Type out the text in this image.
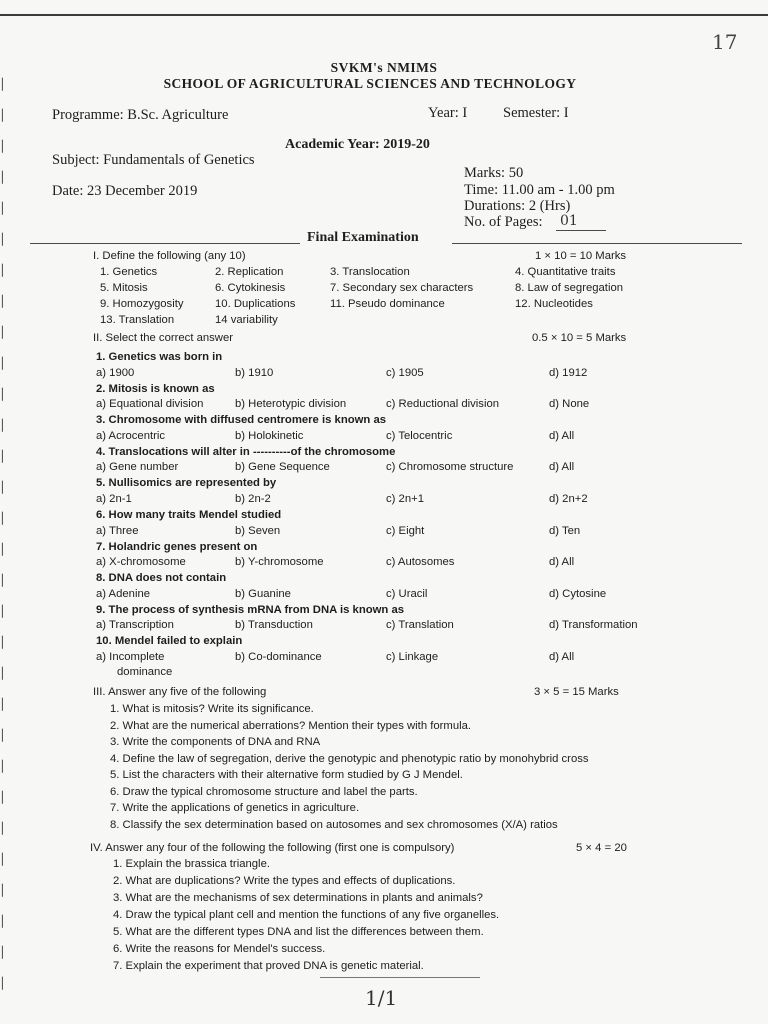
▏
▏
▏
▏
▏
▏
▏
▏
▏
▏
▏
▏
▏
▏
▏
▏
▏
▏
▏
▏
▏
▏
▏
▏
▏
▏
▏
▏
▏
▏
17
SVKM's NMIMS
SCHOOL OF AGRICULTURAL SCIENCES AND TECHNOLOGY
Programme: B.Sc. Agriculture	Year: I Semester: I
Academic Year: 2019-20
Subject: Fundamentals of Genetics
Marks: 50
Date: 23 December 2019	Time: 11.00 am - 1.00 pm
Durations: 2 (Hrs)
No. of Pages: 01
Final Examination
I. Define the following (any 10)	1 × 10 = 10 Marks
1. Genetics	2. Replication	3. Translocation	4. Quantitative traits
5. Mitosis	6. Cytokinesis	7. Secondary sex characters	8. Law of segregation
9. Homozygosity	10. Duplications	11. Pseudo dominance	12. Nucleotides
13. Translation	14 variability
II. Select the correct answer	0.5 × 10 = 5 Marks
1. Genetics was born in
a) 1900	b) 1910	c) 1905	d) 1912
2. Mitosis is known as
a) Equational division	b) Heterotypic division	c) Reductional division	d) None
3. Chromosome with diffused centromere is known as
a) Acrocentric	b) Holokinetic	c) Telocentric	d) All
4. Translocations will alter in ----------of the chromosome
a) Gene number	b) Gene Sequence	c) Chromosome structure	d) All
5. Nullisomics are represented by
a) 2n-1	b) 2n-2	c) 2n+1	d) 2n+2
6. How many traits Mendel studied
a) Three	b) Seven	c) Eight	d) Ten
7. Holandric genes present on
a) X-chromosome	b) Y-chromosome	c) Autosomes	d) All
8. DNA does not contain
a) Adenine	b) Guanine	c) Uracil	d) Cytosine
9. The process of synthesis mRNA from DNA is known as
a) Transcription	b) Transduction	c) Translation	d) Transformation
10. Mendel failed to explain
a) Incomplete	b) Co-dominance	c) Linkage	d) All
dominance
III. Answer any five of the following	3 × 5 = 15 Marks
1. What is mitosis? Write its significance.
2. What are the numerical aberrations? Mention their types with formula.
3. Write the components of DNA and RNA
4. Define the law of segregation, derive the genotypic and phenotypic ratio by monohybrid cross
5. List the characters with their alternative form studied by G J Mendel.
6. Draw the typical chromosome structure and label the parts.
7. Write the applications of genetics in agriculture.
8. Classify the sex determination based on autosomes and sex chromosomes (X/A) ratios
IV. Answer any four of the following the following (first one is compulsory)	5 × 4 = 20
1. Explain the brassica triangle.
2. What are duplications? Write the types and effects of duplications.
3. What are the mechanisms of sex determinations in plants and animals?
4. Draw the typical plant cell and mention the functions of any five organelles.
5. What are the different types DNA and list the differences between them.
6. Write the reasons for Mendel's success.
7. Explain the experiment that proved DNA is genetic material.
1/1
